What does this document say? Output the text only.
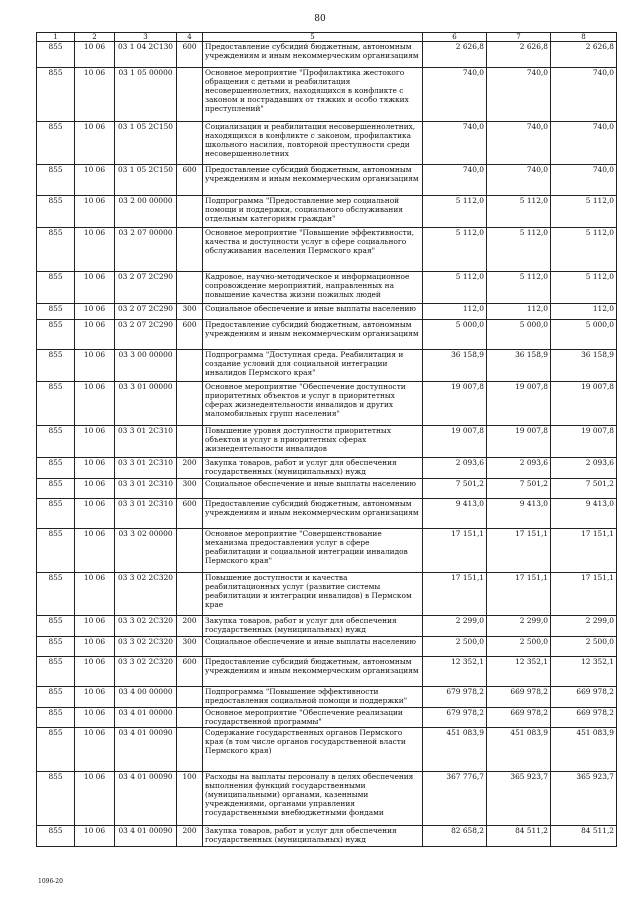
80
1	2	3	4	5	6	7	8
855	10 06	03 1 04 2С130	600	Предоставление субсидий бюджетным, автономным учреждениям и иным некоммерческим организациям	2 626,8	2 626,8	2 626,8
855	10 06	03 1 05 00000		Основное мероприятие "Профилактика жестокого обращения с детьми и реабилитация несовершеннолетних, находящихся в конфликте с законом и пострадавших от тяжких и особо тяжких преступлений"	740,0	740,0	740,0
855	10 06	03 1 05 2С150		Социализация и реабилитация несовершеннолетних, находящихся в конфликте с законом, профилактика школьного насилия, повторной преступности среди несовершеннолетних	740,0	740,0	740,0
855	10 06	03 1 05 2С150	600	Предоставление субсидий бюджетным, автономным учреждениям и иным некоммерческим организациям	740,0	740,0	740,0
855	10 06	03 2 00 00000		Подпрограмма "Предоставление мер социальной помощи и поддержки, социального обслуживания отдельным категориям граждан"	5 112,0	5 112,0	5 112,0
855	10 06	03 2 07 00000		Основное мероприятие "Повышение эффективности, качества и доступности услуг в сфере социального обслуживания населения Пермского края"	5 112,0	5 112,0	5 112,0
855	10 06	03 2 07 2С290		Кадровое, научно-методическое и информационное сопровождение мероприятий, направленных на повышение качества жизни пожилых людей	5 112,0	5 112,0	5 112,0
855	10 06	03 2 07 2С290	300	Социальное обеспечение и иные выплаты населению	112,0	112,0	112,0
855	10 06	03 2 07 2С290	600	Предоставление субсидий бюджетным, автономным учреждениям и иным некоммерческим организациям	5 000,0	5 000,0	5 000,0
855	10 06	03 3 00 00000		Подпрограмма "Доступная среда. Реабилитация и создание условий для социальной интеграции инвалидов Пермского края"	36 158,9	36 158,9	36 158,9
855	10 06	03 3 01 00000		Основное мероприятие "Обеспечение доступности приоритетных объектов и услуг в приоритетных сферах жизнедеятельности инвалидов и других маломобильных групп населения"	19 007,8	19 007,8	19 007,8
855	10 06	03 3 01 2С310		Повышение уровня доступности приоритетных объектов и услуг в приоритетных сферах жизнедеятельности инвалидов	19 007,8	19 007,8	19 007,8
855	10 06	03 3 01 2С310	200	Закупка товаров, работ и услуг для обеспечения государственных (муниципальных) нужд	2 093,6	2 093,6	2 093,6
855	10 06	03 3 01 2С310	300	Социальное обеспечение и иные выплаты населению	7 501,2	7 501,2	7 501,2
855	10 06	03 3 01 2С310	600	Предоставление субсидий бюджетным, автономным учреждениям и иным некоммерческим организациям	9 413,0	9 413,0	9 413,0
855	10 06	03 3 02 00000		Основное мероприятие "Совершенствование механизма предоставления услуг в сфере реабилитации и социальной интеграции инвалидов Пермского края"	17 151,1	17 151,1	17 151,1
855	10 06	03 3 02 2С320		Повышение доступности и качества реабилитационных услуг (развитие системы реабилитации и интеграции инвалидов) в Пермском крае	17 151,1	17 151,1	17 151,1
855	10 06	03 3 02 2С320	200	Закупка товаров, работ и услуг для обеспечения государственных (муниципальных) нужд	2 299,0	2 299,0	2 299,0
855	10 06	03 3 02 2С320	300	Социальное обеспечение и иные выплаты населению	2 500,0	2 500,0	2 500,0
855	10 06	03 3 02 2С320	600	Предоставление субсидий бюджетным, автономным учреждениям и иным некоммерческим организациям	12 352,1	12 352,1	12 352,1
855	10 06	03 4 00 00000		Подпрограмма "Повышение эффективности предоставления социальной помощи и поддержки"	679 978,2	669 978,2	669 978,2
855	10 06	03 4 01 00000		Основное мероприятие "Обеспечение реализации государственной программы"	679 978,2	669 978,2	669 978,2
855	10 06	03 4 01 00090		Содержание государственных органов Пермского края (в том числе органов государственной власти Пермского края)	451 083,9	451 083,9	451 083,9
855	10 06	03 4 01 00090	100	Расходы на выплаты персоналу в целях обеспечения выполнения функций государственными (муниципальными) органами, казенными учреждениями, органами управления государственными внебюджетными фондами	367 776,7	365 923,7	365 923,7
855	10 06	03 4 01 00090	200	Закупка товаров, работ и услуг для обеспечения государственных (муниципальных) нужд	82 658,2	84 511,2	84 511,2
1096-20
